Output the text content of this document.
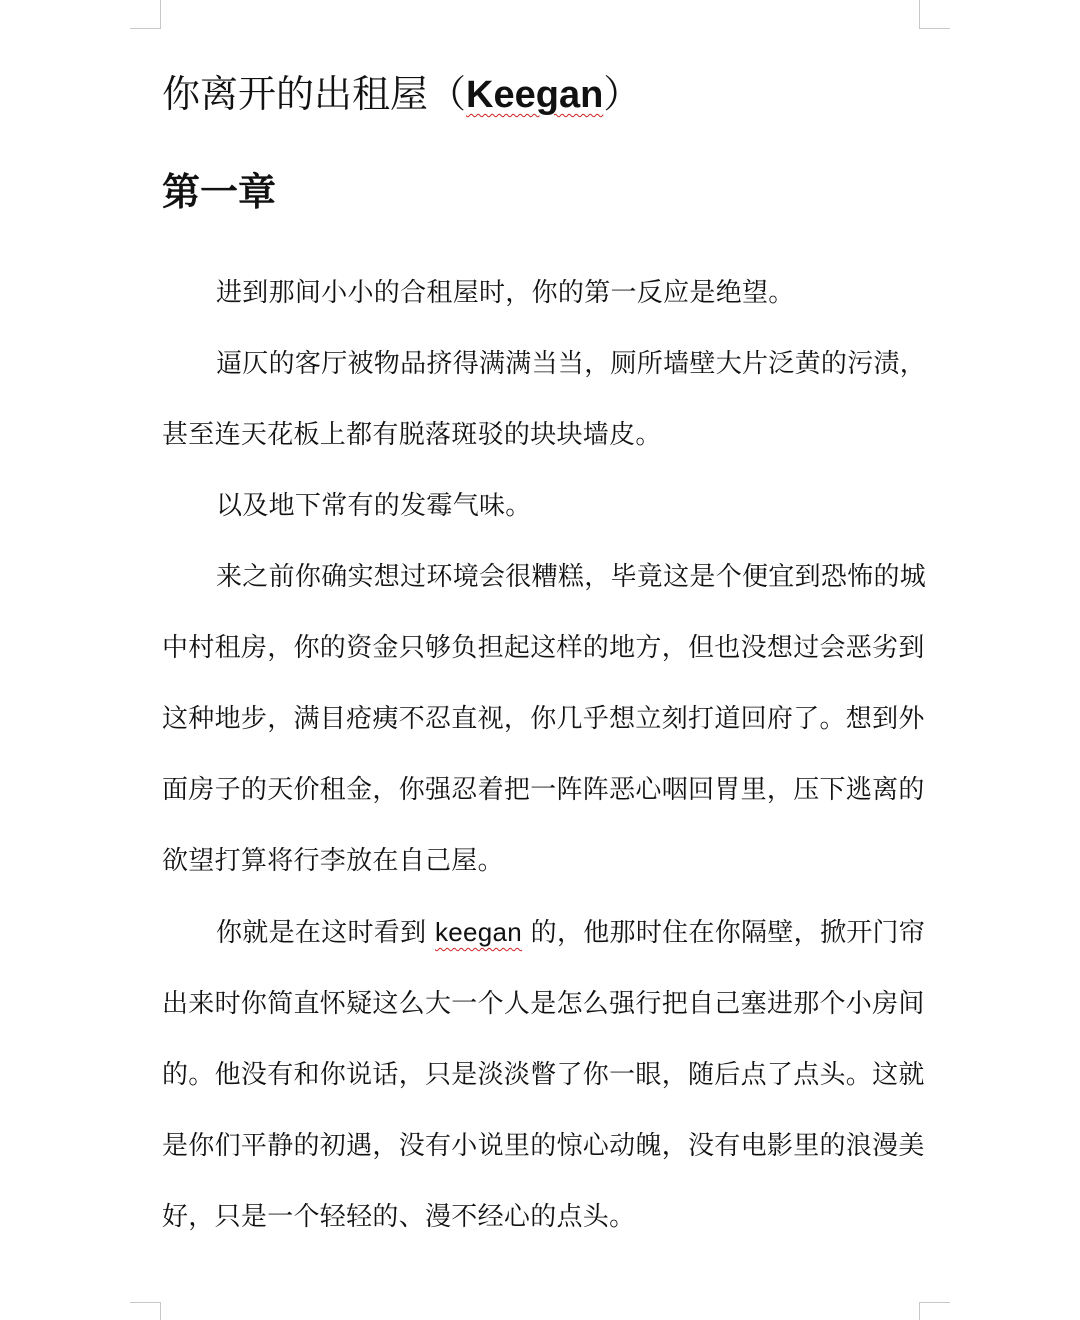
你离开的出租屋（Keegan）
第一章

进到那间小小的合租屋时，你的第一反应是绝望。

逼仄的客厅被物品挤得满满当当，厕所墙壁大片泛黄的污渍，甚至连天花板上都有脱落斑驳的块块墙皮。

以及地下常有的发霉气味。

来之前你确实想过环境会很糟糕，毕竟这是个便宜到恐怖的城中村租房，你的资金只够负担起这样的地方，但也没想过会恶劣到这种地步，满目疮痍不忍直视，你几乎想立刻打道回府了。想到外面房子的天价租金，你强忍着把一阵阵恶心咽回胃里，压下逃离的欲望打算将行李放在自己屋。

你就是在这时看到 keegan 的，他那时住在你隔壁，掀开门帘出来时你简直怀疑这么大一个人是怎么强行把自己塞进那个小房间的。他没有和你说话，只是淡淡瞥了你一眼，随后点了点头。这就是你们平静的初遇，没有小说里的惊心动魄，没有电影里的浪漫美好，只是一个轻轻的、漫不经心的点头。
